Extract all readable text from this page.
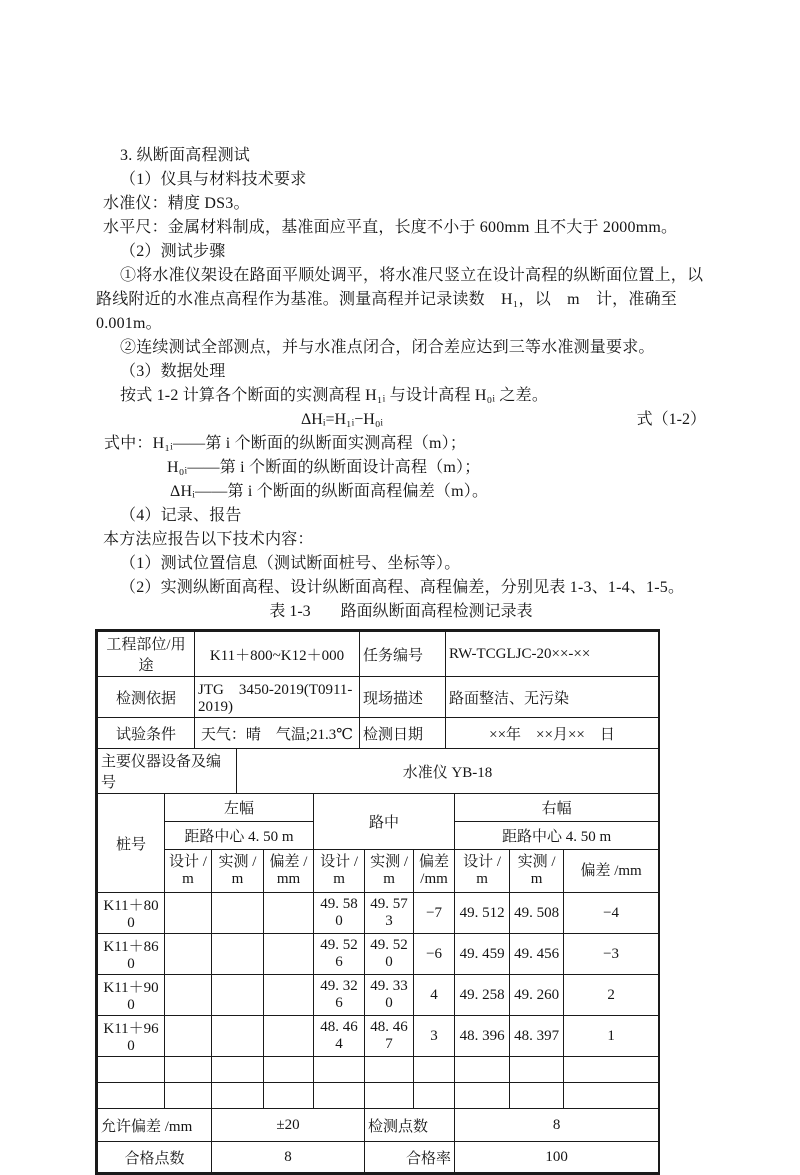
3. 纵断面高程测试

（1）仪具与材料技术要求

水准仪：精度 DS3。

水平尺：金属材料制成，基准面应平直，长度不小于 600mm 且不大于 2000mm。

（2）测试步骤

①将水准仪架设在路面平顺处调平，将水准尺竖立在设计高程的纵断面位置上，以路线附近的水准点高程作为基准。测量高程并记录读数　H₁，以　m　计，准确至 0.001m。

②连续测试全部测点，并与水准点闭合，闭合差应达到三等水准测量要求。

（3）数据处理

按式 1-2 计算各个断面的实测高程 H₁ᵢ 与设计高程 H₀ᵢ 之差。

ΔHᵢ=H₁ᵢ−H₀ᵢ	式（1-2）

式中：H₁ᵢ——第 i 个断面的纵断面实测高程（m）；

H₀ᵢ——第 i 个断面的纵断面设计高程（m）；

ΔHᵢ——第 i 个断面的纵断面高程偏差（m）。

（4）记录、报告

本方法应报告以下技术内容：

（1）测试位置信息（测试断面桩号、坐标等）。

（2）实测纵断面高程、设计纵断面高程、高程偏差，分别见表 1-3、1-4、1-5。

表 1-3 路面纵断面高程检测记录表
工程部位/用途	K11＋800~K12＋000	任务编号	RW-TCGLJC-20××-××
检测依据	JTG　3450-2019(T0911-2019)	现场描述	路面整洁、无污染
试验条件	天气：晴　气温;21.3℃	检测日期	××年　××月××　日
主要仪器设备及编号	水准仪 YB-18
桩号	左幅			路中			右幅		
	距路中心 4. 50 m						距路中心 4. 50 m		
	设计 /m	实测 /m	偏差 /mm	设计 /m	实测 /m	偏差 /mm	设计 /m	实测 /m	偏差 /mm
K11＋800				49. 580	49. 573	−7	49. 512	49. 508	−4
K11＋860				49. 526	49. 520	−6	49. 459	49. 456	−3
K11＋900				49. 326	49. 330	4	49. 258	49. 260	2
K11＋960				48. 464	48. 467	3	48. 396	48. 397	1

允许偏差 /mm		±20			检测点数		8		
合格点数		8			合格率		100		
